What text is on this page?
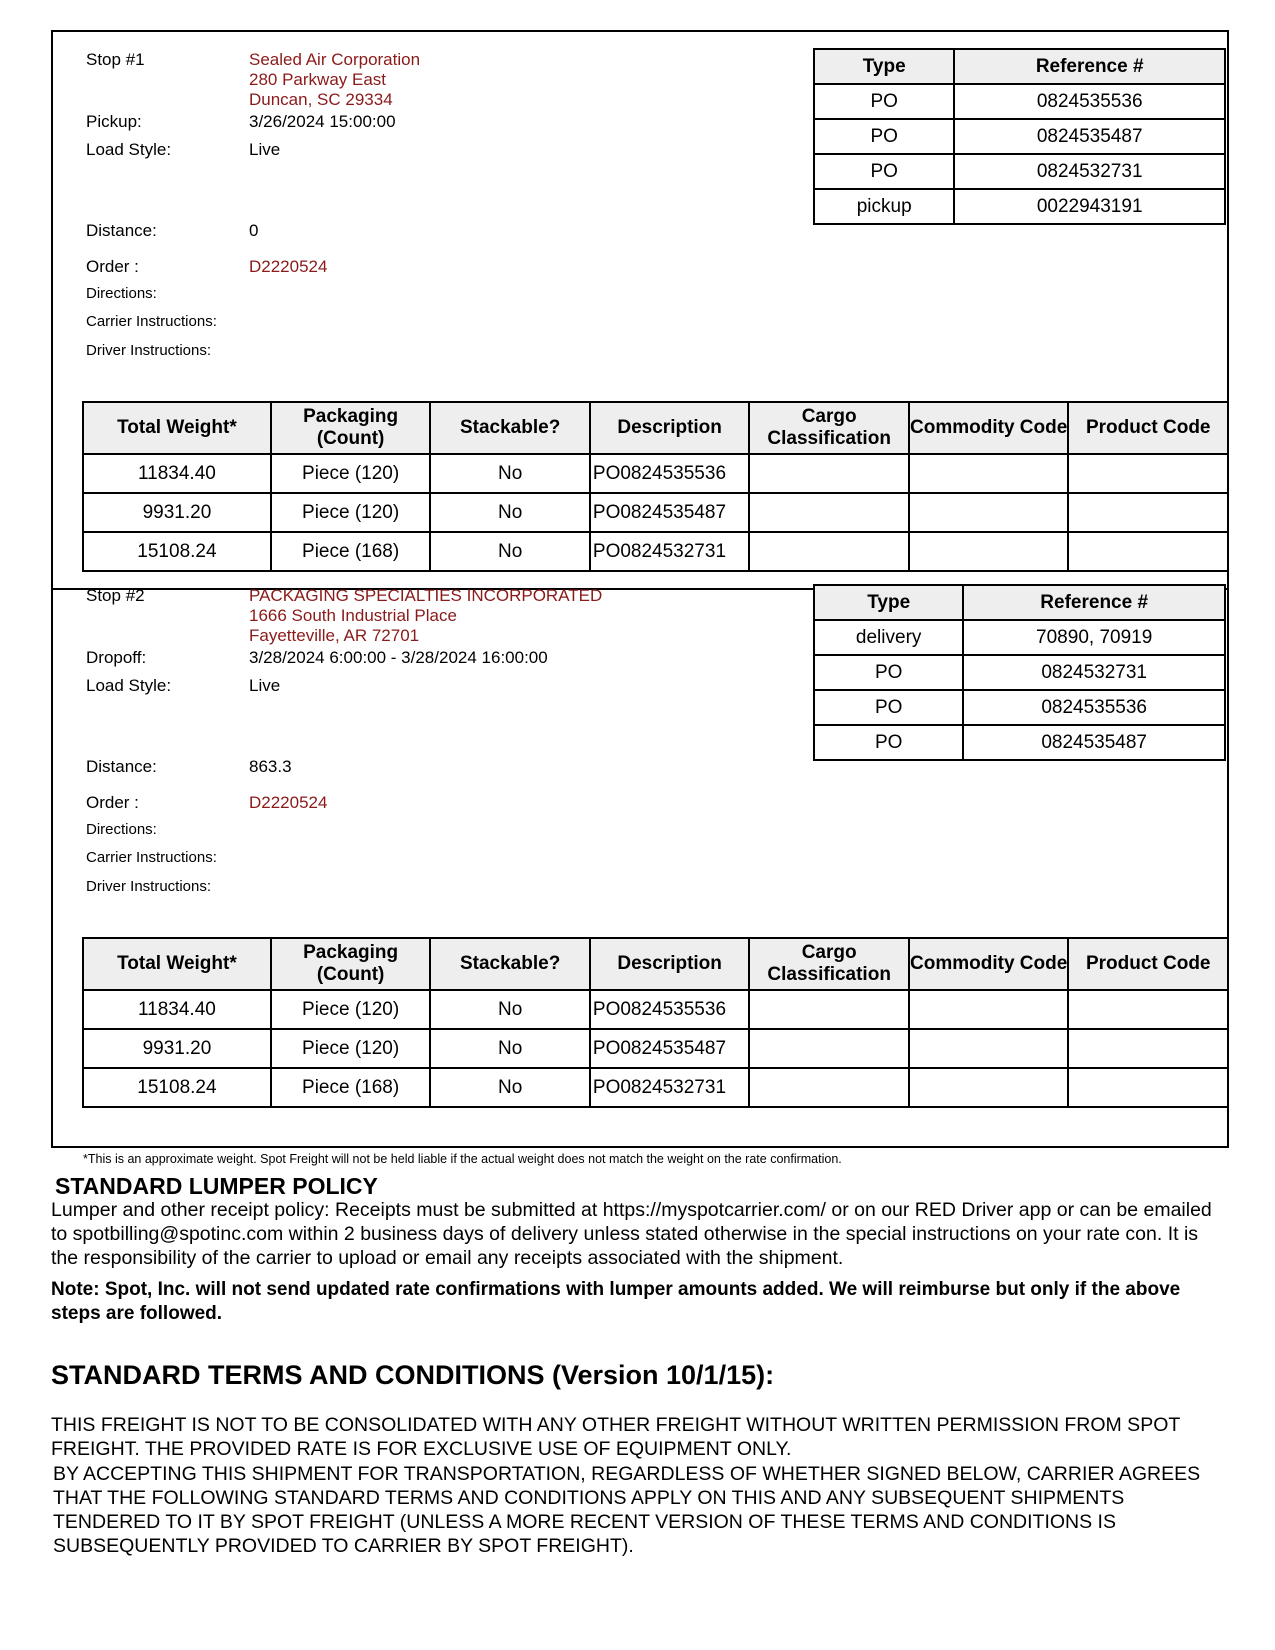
Stop #1	Sealed Air Corporation
280 Parkway East
Duncan, SC 29334
Pickup:	3/26/2024 15:00:00
Load Style:	Live
Distance:	0
Order :	D2220524
Directions:
Carrier Instructions:
Driver Instructions:
Type	Reference #
PO	0824535536
PO	0824535487
PO	0824532731
pickup	0022943191
Total Weight*	Packaging (Count)	Stackable?	Description	Cargo Classification	Commodity Code	Product Code
11834.40	Piece (120)	No	PO0824535536			
9931.20	Piece (120)	No	PO0824535487			
15108.24	Piece (168)	No	PO0824532731			
Stop #2	PACKAGING SPECIALTIES INCORPORATED
1666 South Industrial Place
Fayetteville, AR 72701
Dropoff:	3/28/2024 6:00:00 - 3/28/2024 16:00:00
Load Style:	Live
Distance:	863.3
Order :	D2220524
Directions:
Carrier Instructions:
Driver Instructions:
Type	Reference #
delivery	70890, 70919
PO	0824532731
PO	0824535536
PO	0824535487
Total Weight*	Packaging (Count)	Stackable?	Description	Cargo Classification	Commodity Code	Product Code
11834.40	Piece (120)	No	PO0824535536			
9931.20	Piece (120)	No	PO0824535487			
15108.24	Piece (168)	No	PO0824532731			
*This is an approximate weight. Spot Freight will not be held liable if the actual weight does not match the weight on the rate confirmation.
STANDARD LUMPER POLICY
Lumper and other receipt policy: Receipts must be submitted at https://myspotcarrier.com/ or on our RED Driver app or can be emailed to spotbilling@spotinc.com within 2 business days of delivery unless stated otherwise in the special instructions on your rate con. It is the responsibility of the carrier to upload or email any receipts associated with the shipment.
Note: Spot, Inc. will not send updated rate confirmations with lumper amounts added. We will reimburse but only if the above steps are followed.
STANDARD TERMS AND CONDITIONS (Version 10/1/15):
THIS FREIGHT IS NOT TO BE CONSOLIDATED WITH ANY OTHER FREIGHT WITHOUT WRITTEN PERMISSION FROM SPOT FREIGHT. THE PROVIDED RATE IS FOR EXCLUSIVE USE OF EQUIPMENT ONLY.
BY ACCEPTING THIS SHIPMENT FOR TRANSPORTATION, REGARDLESS OF WHETHER SIGNED BELOW, CARRIER AGREES THAT THE FOLLOWING STANDARD TERMS AND CONDITIONS APPLY ON THIS AND ANY SUBSEQUENT SHIPMENTS TENDERED TO IT BY SPOT FREIGHT (UNLESS A MORE RECENT VERSION OF THESE TERMS AND CONDITIONS IS SUBSEQUENTLY PROVIDED TO CARRIER BY SPOT FREIGHT).
